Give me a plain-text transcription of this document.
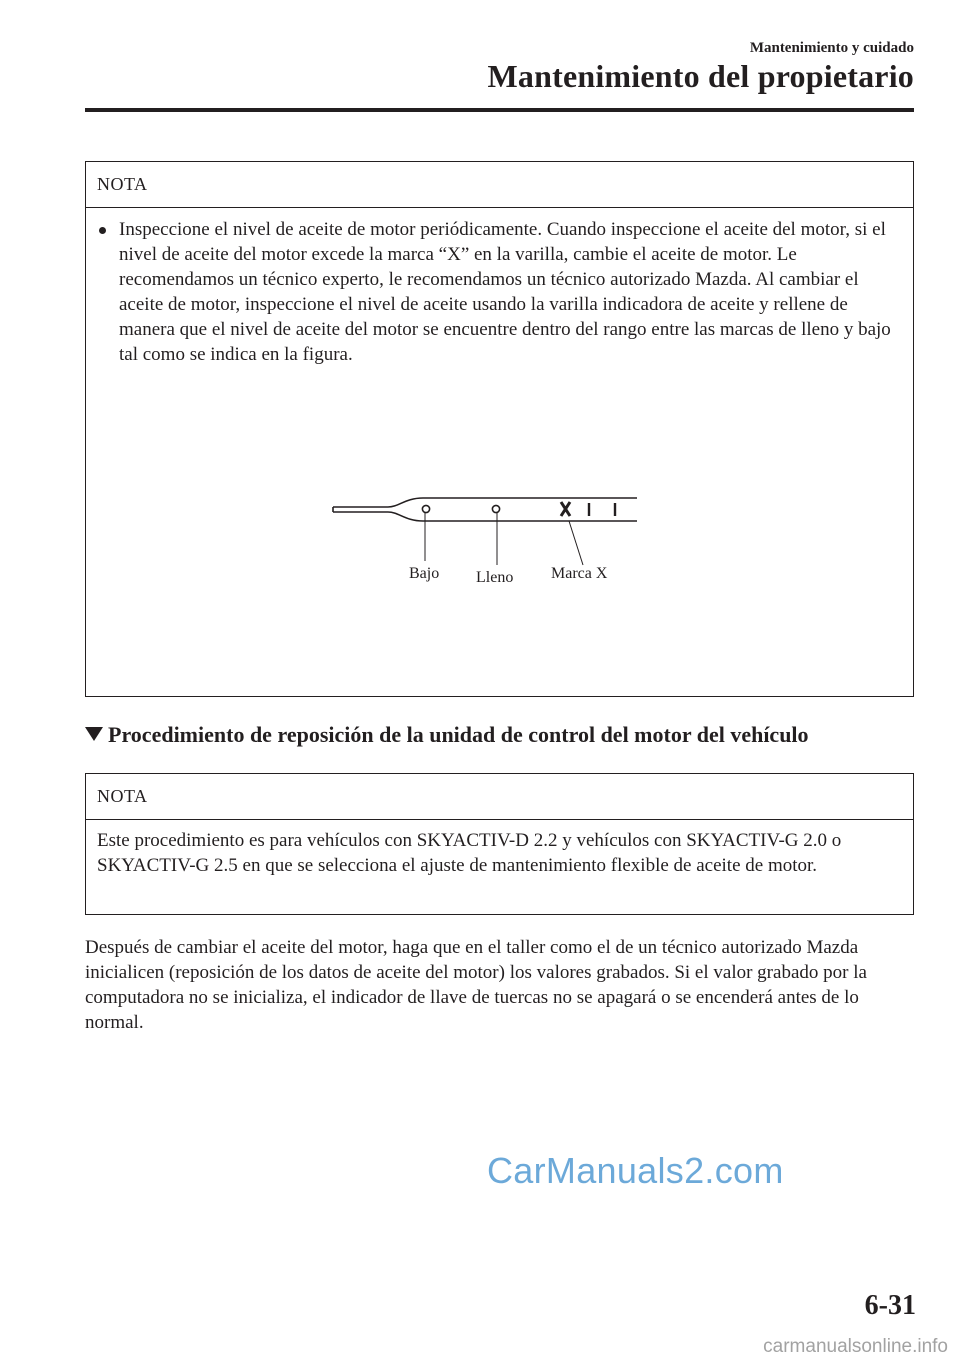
Mantenimiento y cuidado
Mantenimiento del propietario
NOTA
Inspeccione el nivel de aceite de motor periódicamente. Cuando inspeccione el aceite del motor, si el nivel de aceite del motor excede la marca “X” en la varilla, cambie el aceite de motor. Le recomendamos un técnico experto, le recomendamos un técnico autorizado Mazda. Al cambiar el aceite de motor, inspeccione el nivel de aceite usando la varilla indicadora de aceite y rellene de manera que el nivel de aceite del motor se encuentre dentro del rango entre las marcas de lleno y bajo tal como se indica en la figura.
Bajo Lleno Marca X
Procedimiento de reposición de la unidad de control del motor del vehículo
NOTA
Este procedimiento es para vehículos con SKYACTIV-D 2.2 y vehículos con SKYACTIV-G 2.0 o SKYACTIV-G 2.5 en que se selecciona el ajuste de mantenimiento flexible de aceite de motor.
Después de cambiar el aceite del motor, haga que en el taller como el de un técnico autorizado Mazda inicialicen (reposición de los datos de aceite del motor) los valores grabados. Si el valor grabado por la computadora no se inicializa, el indicador de llave de tuercas no se apagará o se encenderá antes de lo normal.
CarManuals2.com
6-31
carmanualsonline.info
